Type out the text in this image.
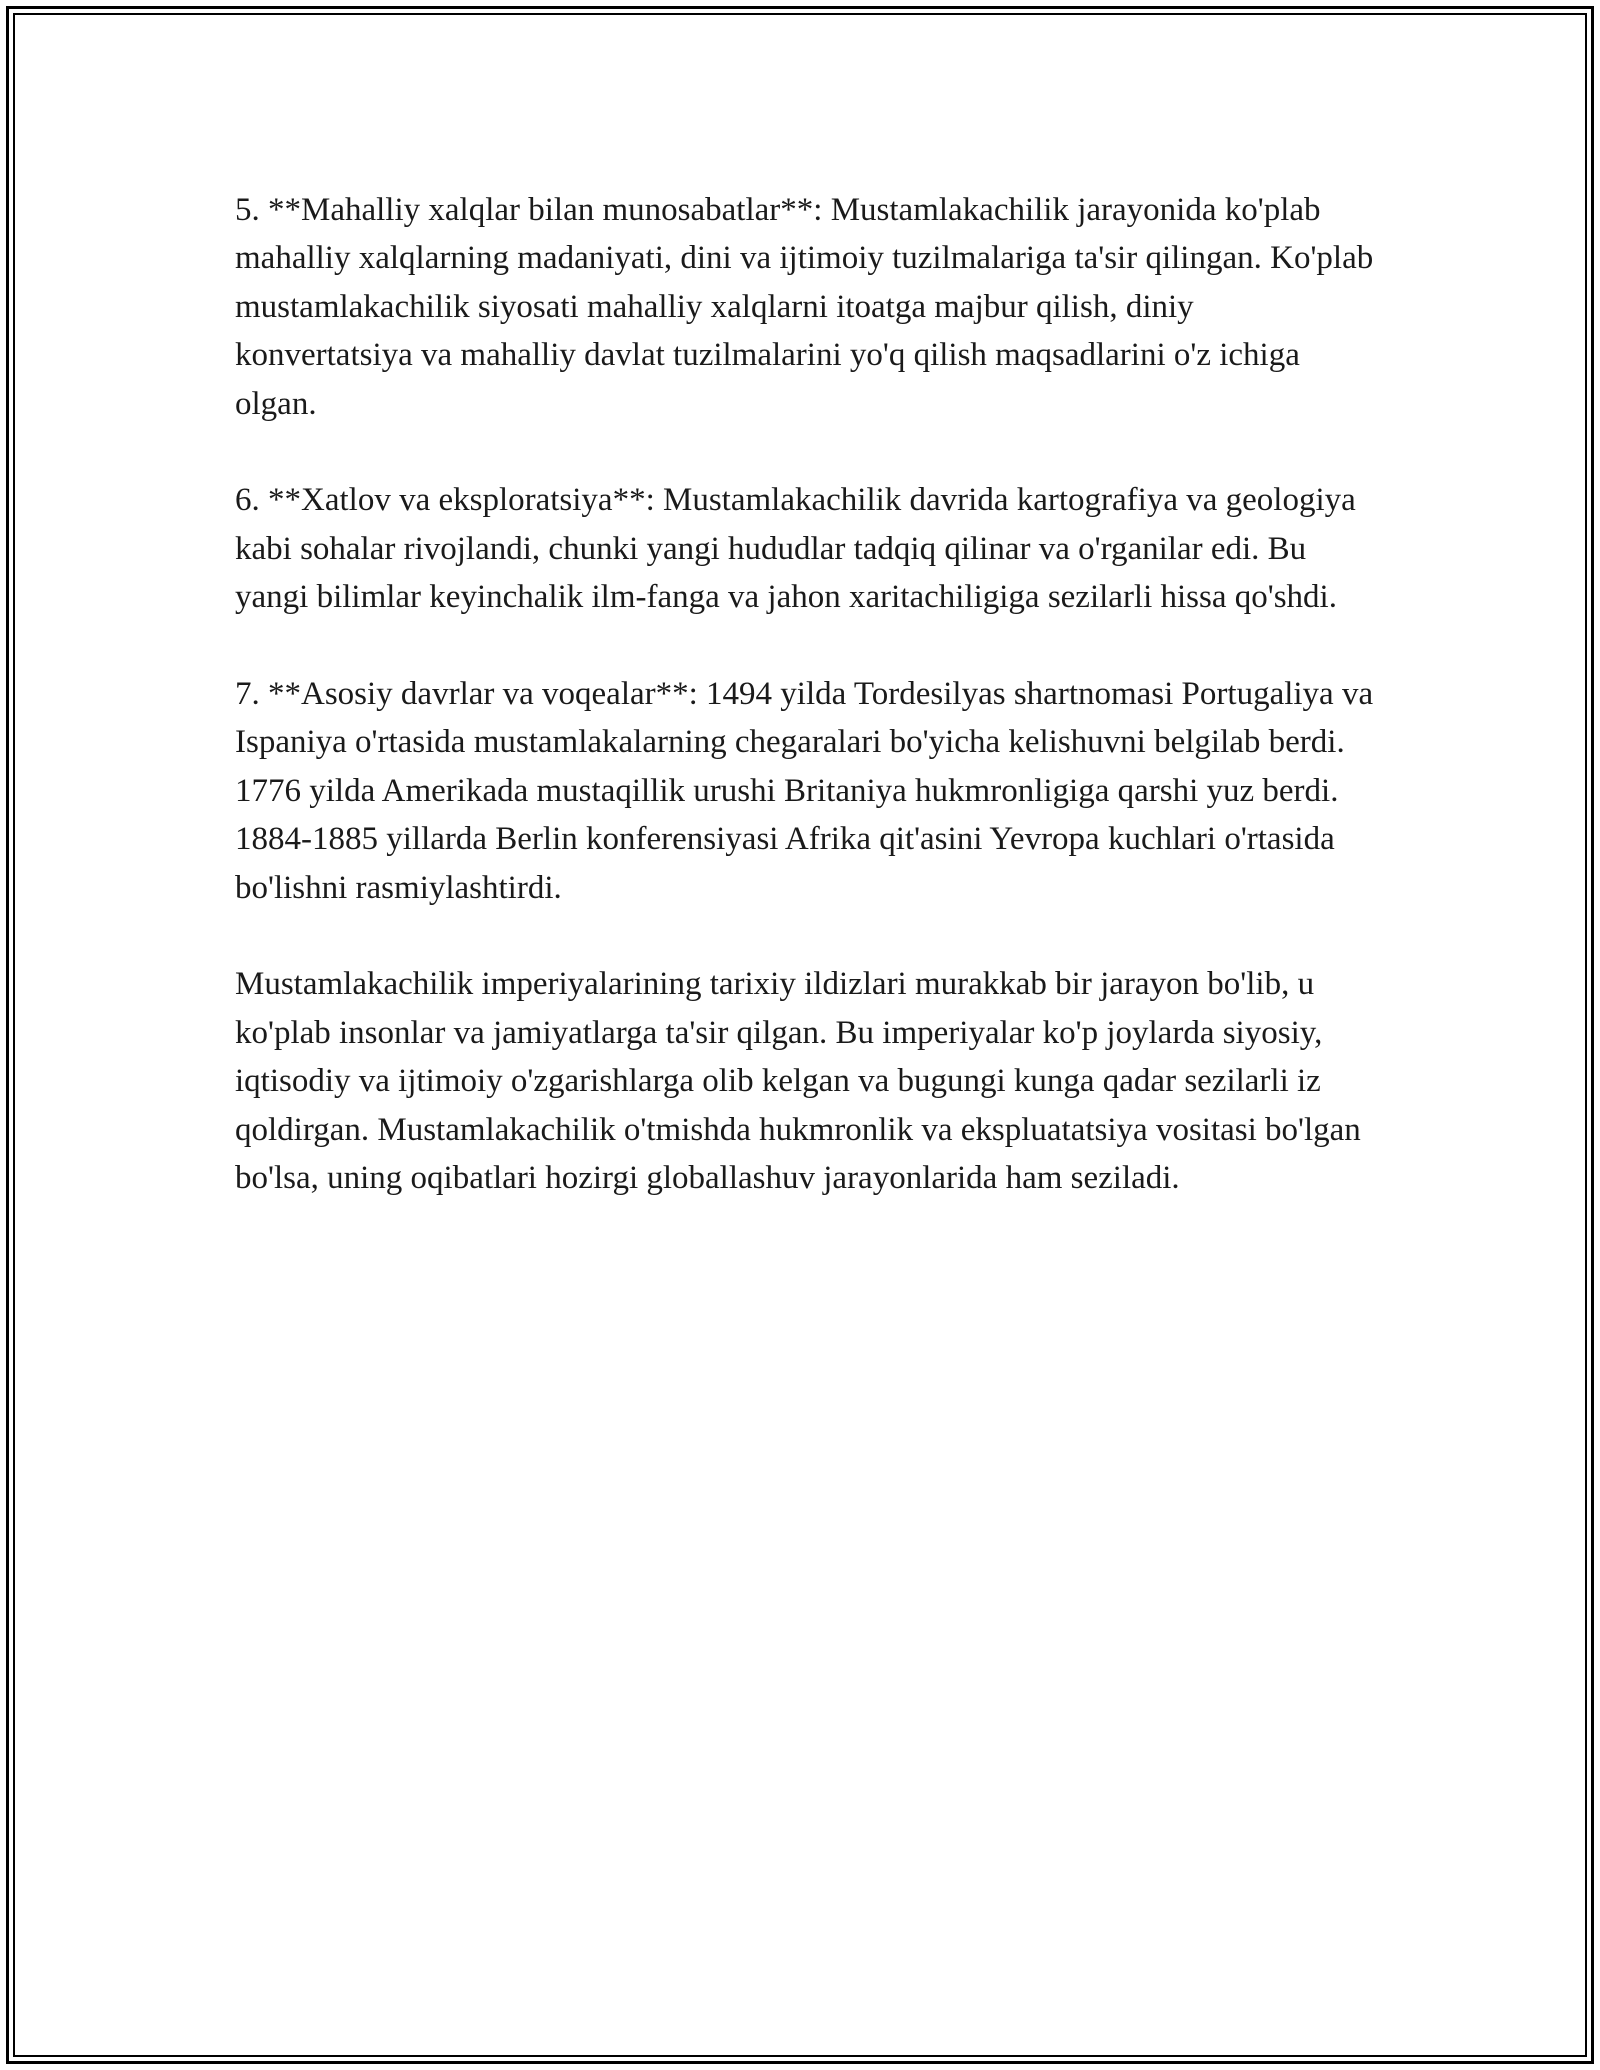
5. **Mahalliy xalqlar bilan munosabatlar**: Mustamlakachilik jarayonida ko'plab mahalliy xalqlarning madaniyati, dini va ijtimoiy tuzilmalariga ta'sir qilingan. Ko'plab mustamlakachilik siyosati mahalliy xalqlarni itoatga majbur qilish, diniy konvertatsiya va mahalliy davlat tuzilmalarini yo'q qilish maqsadlarini o'z ichiga olgan.

6. **Xatlov va eksploratsiya**: Mustamlakachilik davrida kartografiya va geologiya kabi sohalar rivojlandi, chunki yangi hududlar tadqiq qilinar va o'rganilar edi. Bu yangi bilimlar keyinchalik ilm-fanga va jahon xaritachiligiga sezilarli hissa qo'shdi.

7. **Asosiy davrlar va voqealar**: 1494 yilda Tordesilyas shartnomasi Portugaliya va Ispaniya o'rtasida mustamlakalarning chegaralari bo'yicha kelishuvni belgilab berdi. 1776 yilda Amerikada mustaqillik urushi Britaniya hukmronligiga qarshi yuz berdi. 1884-1885 yillarda Berlin konferensiyasi Afrika qit'asini Yevropa kuchlari o'rtasida bo'lishni rasmiylashtirdi.

Mustamlakachilik imperiyalarining tarixiy ildizlari murakkab bir jarayon bo'lib, u ko'plab insonlar va jamiyatlarga ta'sir qilgan. Bu imperiyalar ko'p joylarda siyosiy, iqtisodiy va ijtimoiy o'zgarishlarga olib kelgan va bugungi kunga qadar sezilarli iz qoldirgan. Mustamlakachilik o'tmishda hukmronlik va ekspluatatsiya vositasi bo'lgan bo'lsa, uning oqibatlari hozirgi globallashuv jarayonlarida ham seziladi.
